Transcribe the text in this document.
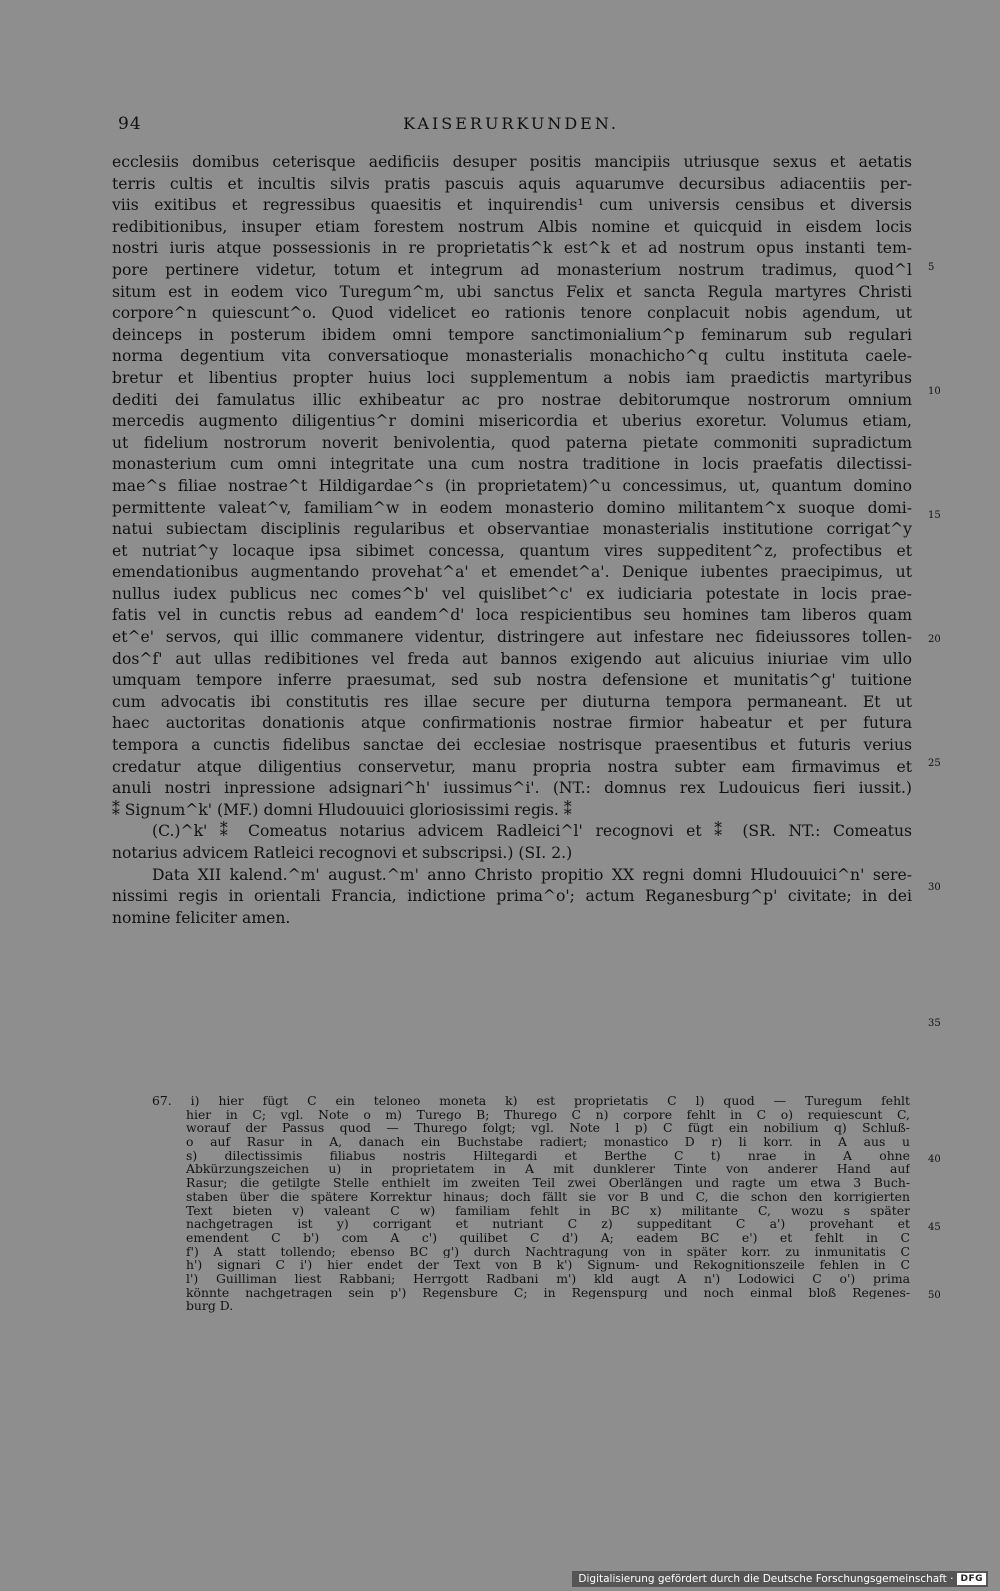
94	KAISERURKUNDEN.
ecclesiis domibus ceterisque aedificiis desuper positis mancipiis utriusque sexus et aetatis
terris cultis et incultis silvis pratis pascuis aquis aquarumve decursibus adiacentiis per-
viis exitibus et regressibus quaesitis et inquirendis¹ cum universis censibus et diversis
redibitionibus, insuper etiam forestem nostrum Albis nomine et quicquid in eisdem locis
nostri iuris atque possessionis in re proprietatis^k est^k et ad nostrum opus instanti tem-
pore pertinere videtur, totum et integrum ad monasterium nostrum tradimus, quod^l
situm est in eodem vico Turegum^m, ubi sanctus Felix et sancta Regula martyres Christi
corpore^n quiescunt^o. Quod videlicet eo rationis tenore conplacuit nobis agendum, ut
deinceps in posterum ibidem omni tempore sanctimonialium^p feminarum sub regulari
norma degentium vita conversatioque monasterialis monachicho^q cultu instituta caele-
bretur et libentius propter huius loci supplementum a nobis iam praedictis martyribus
dediti dei famulatus illic exhibeatur ac pro nostrae debitorumque nostrorum omnium
mercedis augmento diligentius^r domini misericordia et uberius exoretur. Volumus etiam,
ut fidelium nostrorum noverit benivolentia, quod paterna pietate commoniti supradictum
monasterium cum omni integritate una cum nostra traditione in locis praefatis dilectissi-
mae^s filiae nostrae^t Hildigardae^s (in proprietatem)^u concessimus, ut, quantum domino
permittente valeat^v, familiam^w in eodem monasterio domino militantem^x suoque domi-
natui subiectam disciplinis regularibus et observantiae monasterialis institutione corrigat^y
et nutriat^y locaque ipsa sibimet concessa, quantum vires suppeditent^z, profectibus et
emendationibus augmentando provehat^a' et emendet^a'. Denique iubentes praecipimus, ut
nullus iudex publicus nec comes^b' vel quislibet^c' ex iudiciaria potestate in locis prae-
fatis vel in cunctis rebus ad eandem^d' loca respicientibus seu homines tam liberos quam
et^e' servos, qui illic commanere videntur, distringere aut infestare nec fideiussores tollen-
dos^f' aut ullas redibitiones vel freda aut bannos exigendo aut alicuius iniuriae vim ullo
umquam tempore inferre praesumat, sed sub nostra defensione et munitatis^g' tuitione
cum advocatis ibi constitutis res illae secure per diuturna tempora permaneant. Et ut
haec auctoritas donationis atque confirmationis nostrae firmior habeatur et per futura
tempora a cunctis fidelibus sanctae dei ecclesiae nostrisque praesentibus et futuris verius
credatur atque diligentius conservetur, manu propria nostra subter eam firmavimus et
anuli nostri inpressione adsignari^h' iussimus^i'. (NT.: domnus rex Ludouicus fieri iussit.)
⁑ Signum^k' (MF.) domni Hludouuici gloriosissimi regis. ⁑
(C.)^k' ⁑ Comeatus notarius advicem Radleici^l' recognovi et ⁑ (SR. NT.: Comeatus
notarius advicem Ratleici recognovi et subscripsi.) (SI. 2.)
Data XII kalend.^m' august.^m' anno Christo propitio XX regni domni Hludouuici^n' sere-
nissimi regis in orientali Francia, indictione prima^o'; actum Reganesburg^p' civitate; in dei
nomine feliciter amen.
67. i) hier fügt C ein teloneo moneta k) est proprietatis C l) quod — Turegum fehlt
hier in C; vgl. Note o m) Turego B; Thurego C n) corpore fehlt in C o) requiescunt C,
worauf der Passus quod — Thurego folgt; vgl. Note l p) C fügt ein nobilium q) Schluß-
o auf Rasur in A, danach ein Buchstabe radiert; monastico D r) li korr. in A aus u
s) dilectissimis filiabus nostris Hiltegardi et Berthe C t) nrae in A ohne
Abkürzungszeichen u) in proprietatem in A mit dunklerer Tinte von anderer Hand auf
Rasur; die getilgte Stelle enthielt im zweiten Teil zwei Oberlängen und ragte um etwa 3 Buch-
staben über die spätere Korrektur hinaus; doch fällt sie vor B und C, die schon den korrigierten
Text bieten v) valeant C w) familiam fehlt in BC x) militante C, wozu s später
nachgetragen ist y) corrigant et nutriant C z) suppeditant C a') provehant et
emendent C b') com A c') quilibet C d') A; eadem BC e') et fehlt in C
f') A statt tollendo; ebenso BC g') durch Nachtragung von in später korr. zu inmunitatis C
h') signari C i') hier endet der Text von B k') Signum- und Rekognitionszeile fehlen in C
l') Guilliman liest Rabbani; Herrgott Radbani m') kld augt A n') Lodowici C o') prima
könnte nachgetragen sein p') Regensbure C; in Regenspurg und noch einmal bloß Regenes-
burg D.
5
10
15
20
25
30
35
40
45
50
Digitalisierung gefördert durch die Deutsche Forschungsgemeinschaft · DFG
